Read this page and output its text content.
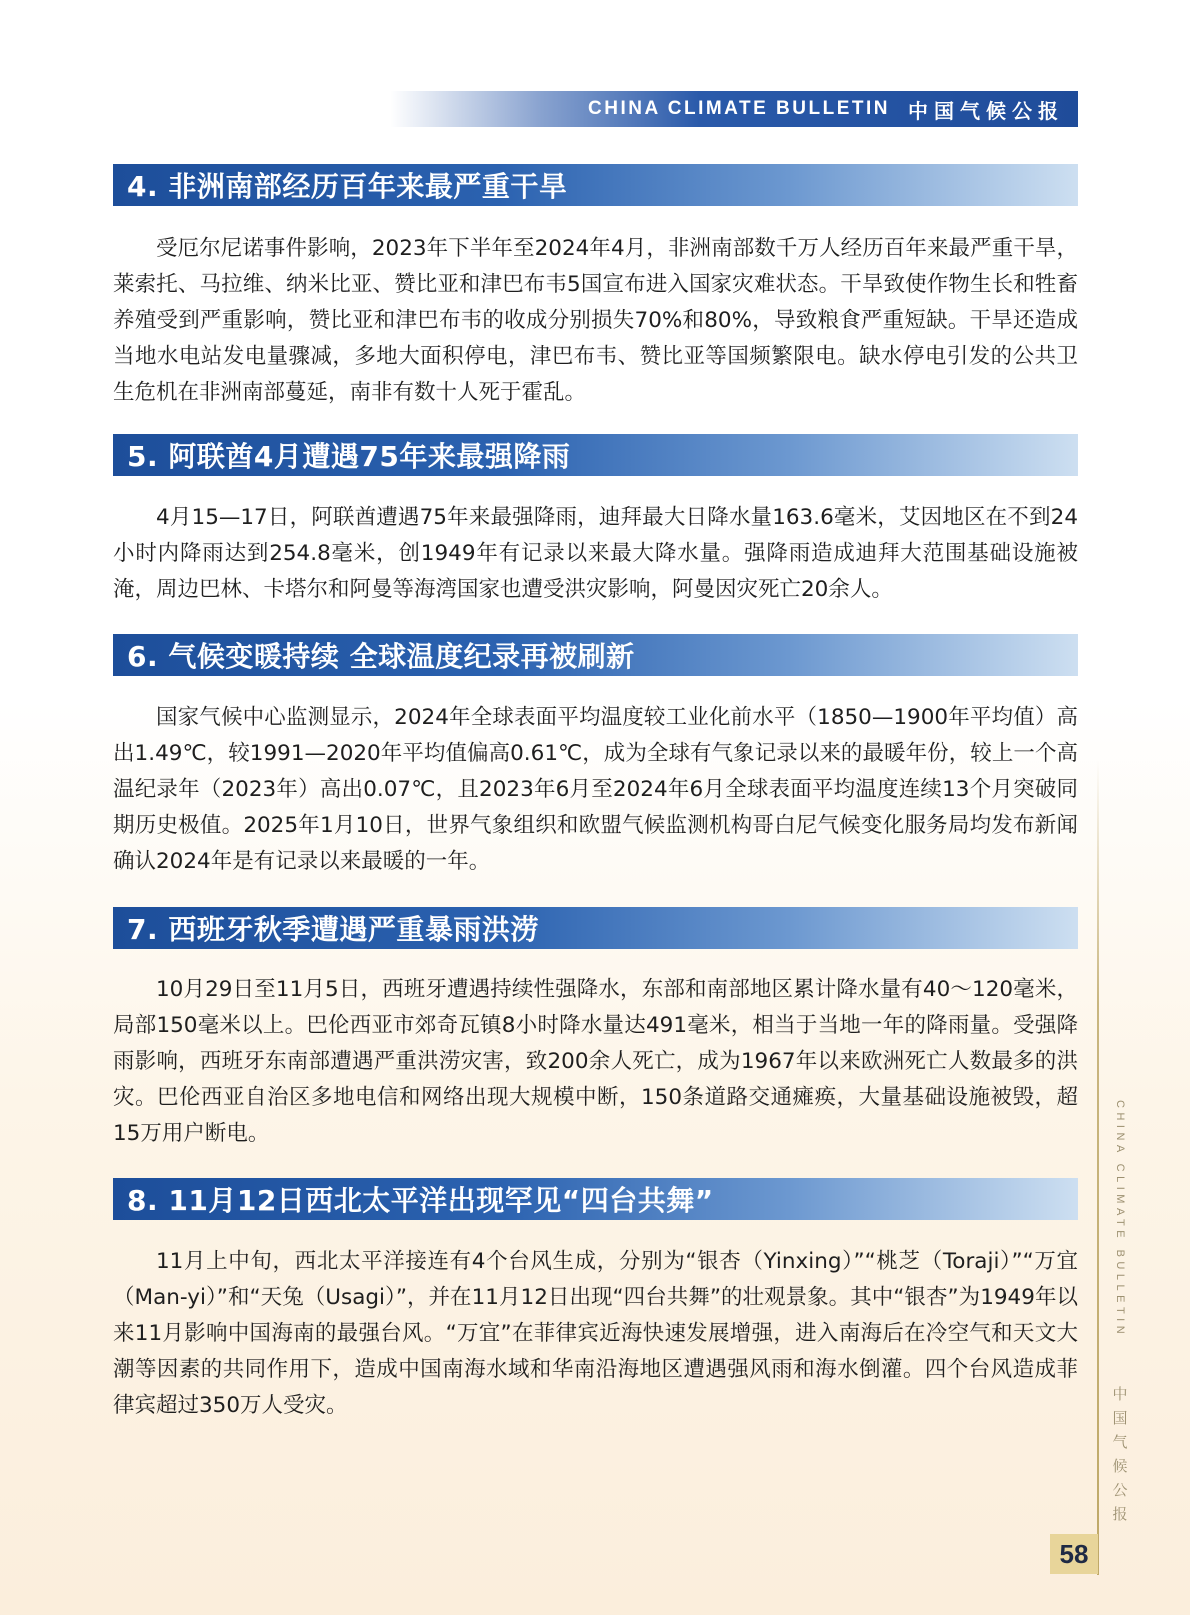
CHINA CLIMATE BULLETIN 中国气候公报
4. 非洲南部经历百年来最严重干旱

受厄尔尼诺事件影响，2023年下半年至2024年4月，非洲南部数千万人经历百年来最严重干旱，莱索托、马拉维、纳米比亚、赞比亚和津巴布韦5国宣布进入国家灾难状态。干旱致使作物生长和牲畜养殖受到严重影响，赞比亚和津巴布韦的收成分别损失70%和80%，导致粮食严重短缺。干旱还造成当地水电站发电量骤减，多地大面积停电，津巴布韦、赞比亚等国频繁限电。缺水停电引发的公共卫生危机在非洲南部蔓延，南非有数十人死于霍乱。

5. 阿联酋4月遭遇75年来最强降雨

4月15—17日，阿联酋遭遇75年来最强降雨，迪拜最大日降水量163.6毫米，艾因地区在不到24小时内降雨达到254.8毫米，创1949年有记录以来最大降水量。强降雨造成迪拜大范围基础设施被淹，周边巴林、卡塔尔和阿曼等海湾国家也遭受洪灾影响，阿曼因灾死亡20余人。

6. 气候变暖持续 全球温度纪录再被刷新

国家气候中心监测显示，2024年全球表面平均温度较工业化前水平（1850—1900年平均值）高出1.49℃，较1991—2020年平均值偏高0.61℃，成为全球有气象记录以来的最暖年份，较上一个高温纪录年（2023年）高出0.07℃，且2023年6月至2024年6月全球表面平均温度连续13个月突破同期历史极值。2025年1月10日，世界气象组织和欧盟气候监测机构哥白尼气候变化服务局均发布新闻确认2024年是有记录以来最暖的一年。

7. 西班牙秋季遭遇严重暴雨洪涝

10月29日至11月5日，西班牙遭遇持续性强降水，东部和南部地区累计降水量有40～120毫米，局部150毫米以上。巴伦西亚市郊奇瓦镇8小时降水量达491毫米，相当于当地一年的降雨量。受强降雨影响，西班牙东南部遭遇严重洪涝灾害，致200余人死亡，成为1967年以来欧洲死亡人数最多的洪灾。巴伦西亚自治区多地电信和网络出现大规模中断，150条道路交通瘫痪，大量基础设施被毁，超15万用户断电。

8. 11月12日西北太平洋出现罕见“四台共舞”

11月上中旬，西北太平洋接连有4个台风生成，分别为“银杏（Yinxing）”“桃芝（Toraji）”“万宜（Man-yi）”和“天兔（Usagi）”，并在11月12日出现“四台共舞”的壮观景象。其中“银杏”为1949年以来11月影响中国海南的最强台风。“万宜”在菲律宾近海快速发展增强，进入南海后在冷空气和天文大潮等因素的共同作用下，造成中国南海水域和华南沿海地区遭遇强风雨和海水倒灌。四个台风造成菲律宾超过350万人受灾。

CHINA CLIMATE BULLETIN
中国气候公报
58
